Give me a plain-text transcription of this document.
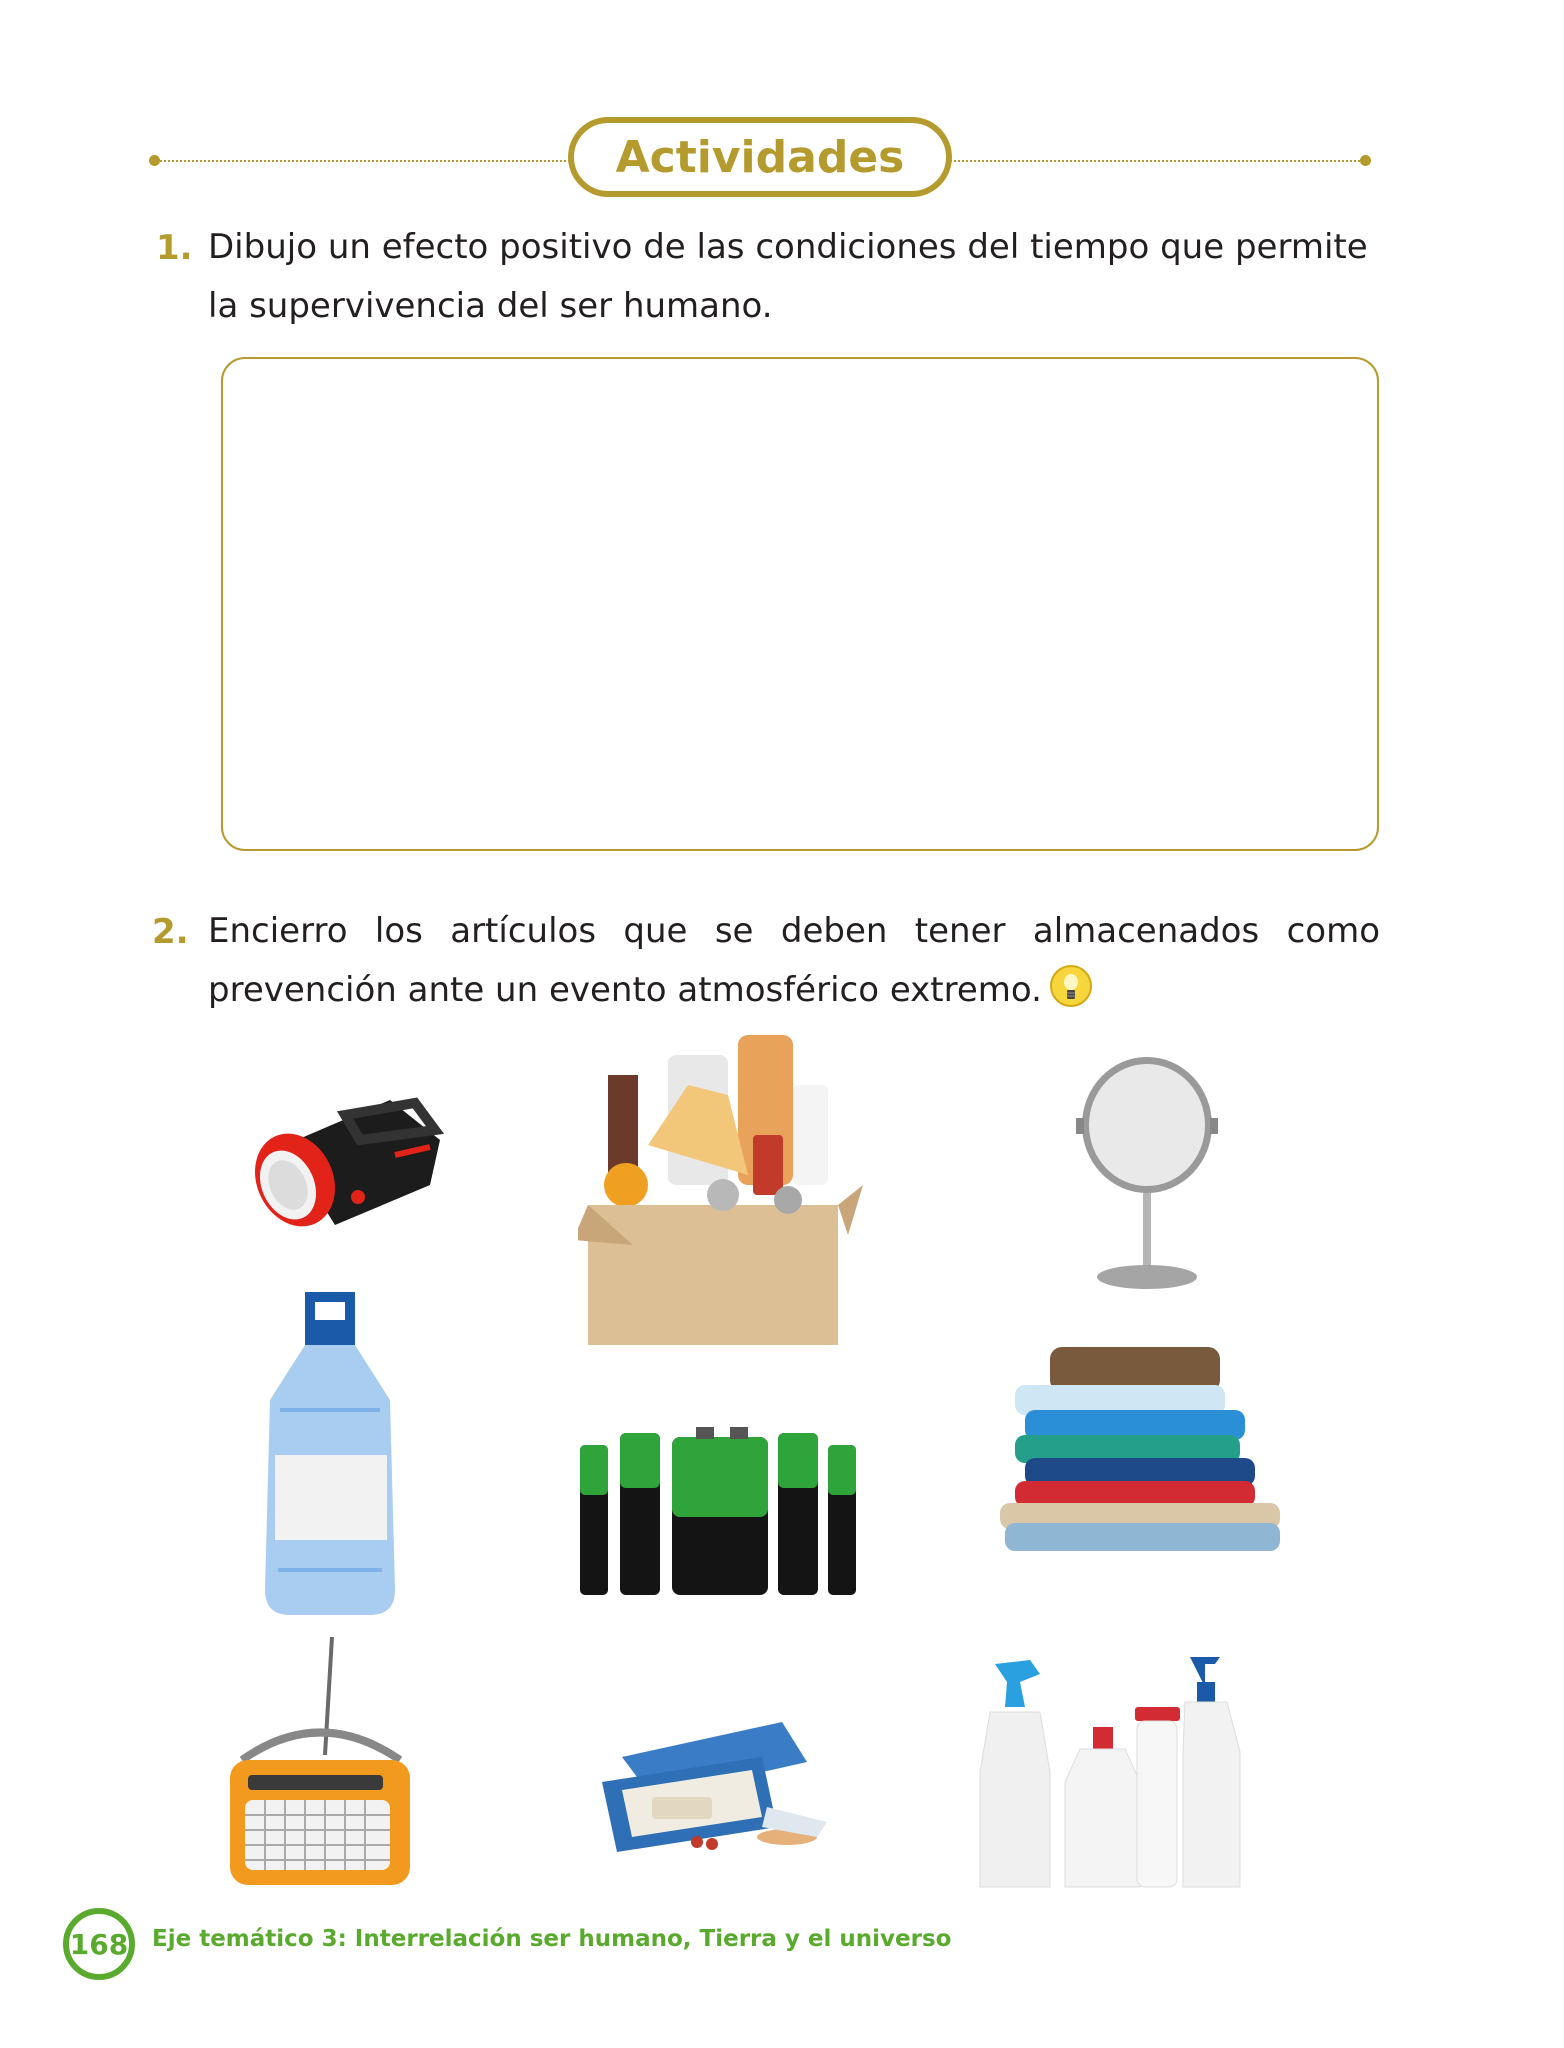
Actividades
1. Dibujo un efecto positivo de las condiciones del tiempo que permite
la supervivencia del ser humano.
2. Encierro los artículos que se deben tener almacenados como
prevención ante un evento atmosférico extremo.
168 Eje temático 3: Interrelación ser humano, Tierra y el universo
